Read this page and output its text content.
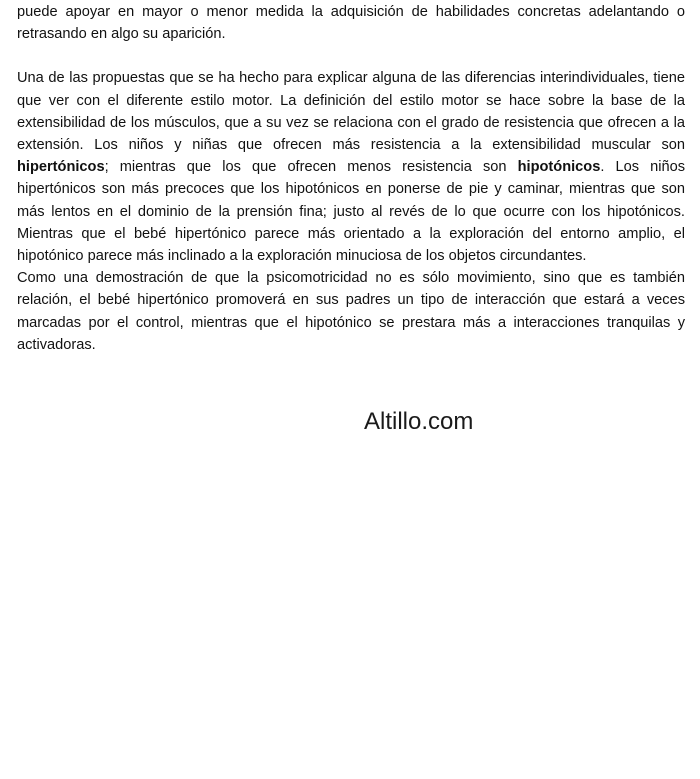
puede apoyar en mayor o menor medida la adquisición de habilidades concretas adelantando o retrasando en algo su aparición.

Una de las propuestas que se ha hecho para explicar alguna de las diferencias interindividuales, tiene que ver con el diferente estilo motor. La definición del estilo motor se hace sobre la base de la extensibilidad de los músculos, que a su vez se relaciona con el grado de resistencia que ofrecen a la extensión. Los niños y niñas que ofrecen más resistencia a la extensibilidad muscular son hipertónicos; mientras que los que ofrecen menos resistencia son hipotónicos. Los niños hipertónicos son más precoces que los hipotónicos en ponerse de pie y caminar, mientras que son más lentos en el dominio de la prensión fina; justo al revés de lo que ocurre con los hipotónicos. Mientras que el bebé hipertónico parece más orientado a la exploración del entorno amplio, el hipotónico parece más inclinado a la exploración minuciosa de los objetos circundantes.

Como una demostración de que la psicomotricidad no es sólo movimiento, sino que es también relación, el bebé hipertónico promoverá en sus padres un tipo de interacción que estará a veces marcadas por el control, mientras que el hipotónico se prestara más a interacciones tranquilas y activadoras.

Altillo.com
